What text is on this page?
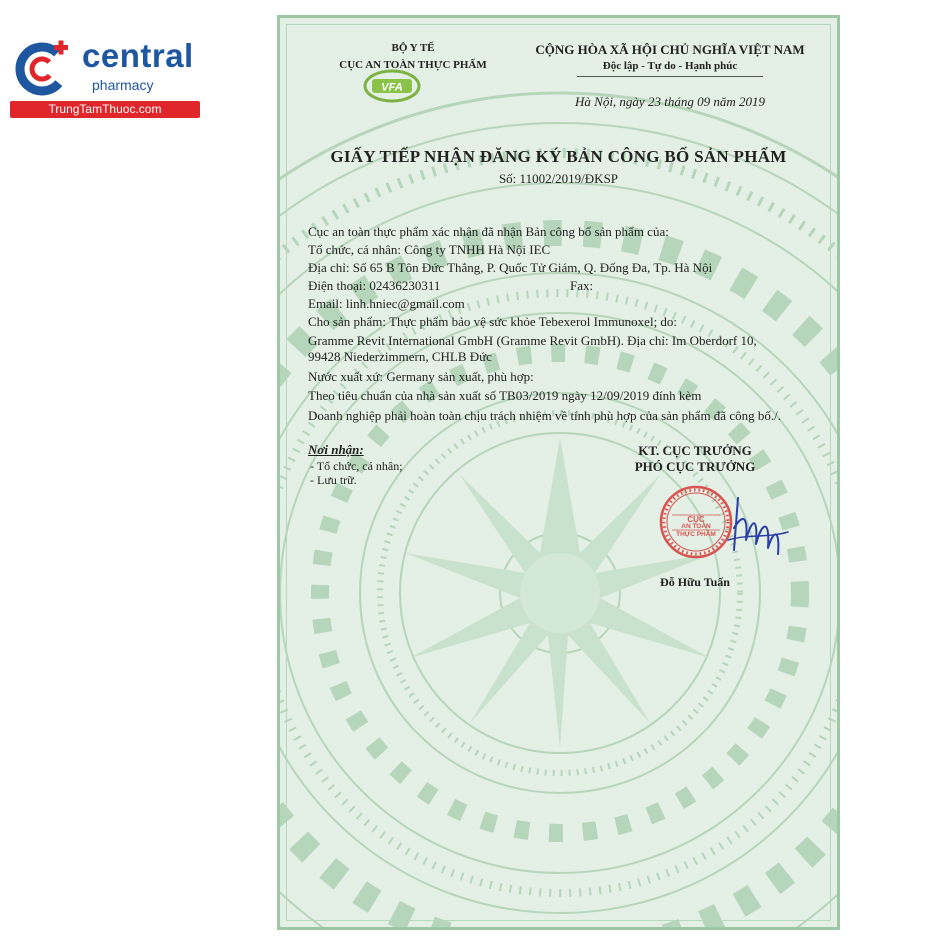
central
pharmacy
TrungTamThuoc.com
BỘ Y TẾ
CỤC AN TOÀN THỰC PHẨM
VFA
CỘNG HÒA XÃ HỘI CHỦ NGHĨA VIỆT NAM
Độc lập - Tự do - Hạnh phúc
Hà Nội, ngày 23 tháng 09 năm 2019
GIẤY TIẾP NHẬN ĐĂNG KÝ BẢN CÔNG BỐ SẢN PHẨM
Số: 11002/2019/ĐKSP
Cục an toàn thực phẩm xác nhận đã nhận Bản công bố sản phẩm của:
Tổ chức, cá nhân: Công ty TNHH Hà Nội IEC
Địa chỉ: Số 65 B Tôn Đức Thắng, P. Quốc Tử Giám, Q. Đống Đa, Tp. Hà Nội
Điện thoại: 02436230311	Fax:
Email: linh.hniec@gmail.com
Cho sản phẩm: Thực phẩm bảo vệ sức khỏe Tebexerol Immunoxel; do:
Gramme Revit International GmbH (Gramme Revit GmbH). Địa chỉ: Im Oberdorf 10,
99428 Niederzimmern, CHLB Đức
Nước xuất xứ: Germany sản xuất, phù hợp:
Theo tiêu chuẩn của nhà sản xuất số TB03/2019 ngày 12/09/2019 đính kèm
Doanh nghiệp phải hoàn toàn chịu trách nhiệm về tính phù hợp của sản phẩm đã công bố./.
Nơi nhận:
- Tổ chức, cá nhân;
- Lưu trữ.
KT. CỤC TRƯỞNG
PHÓ CỤC TRƯỞNG
CỤC
AN TOÀN
THỰC PHẨM
Đỗ Hữu Tuấn
